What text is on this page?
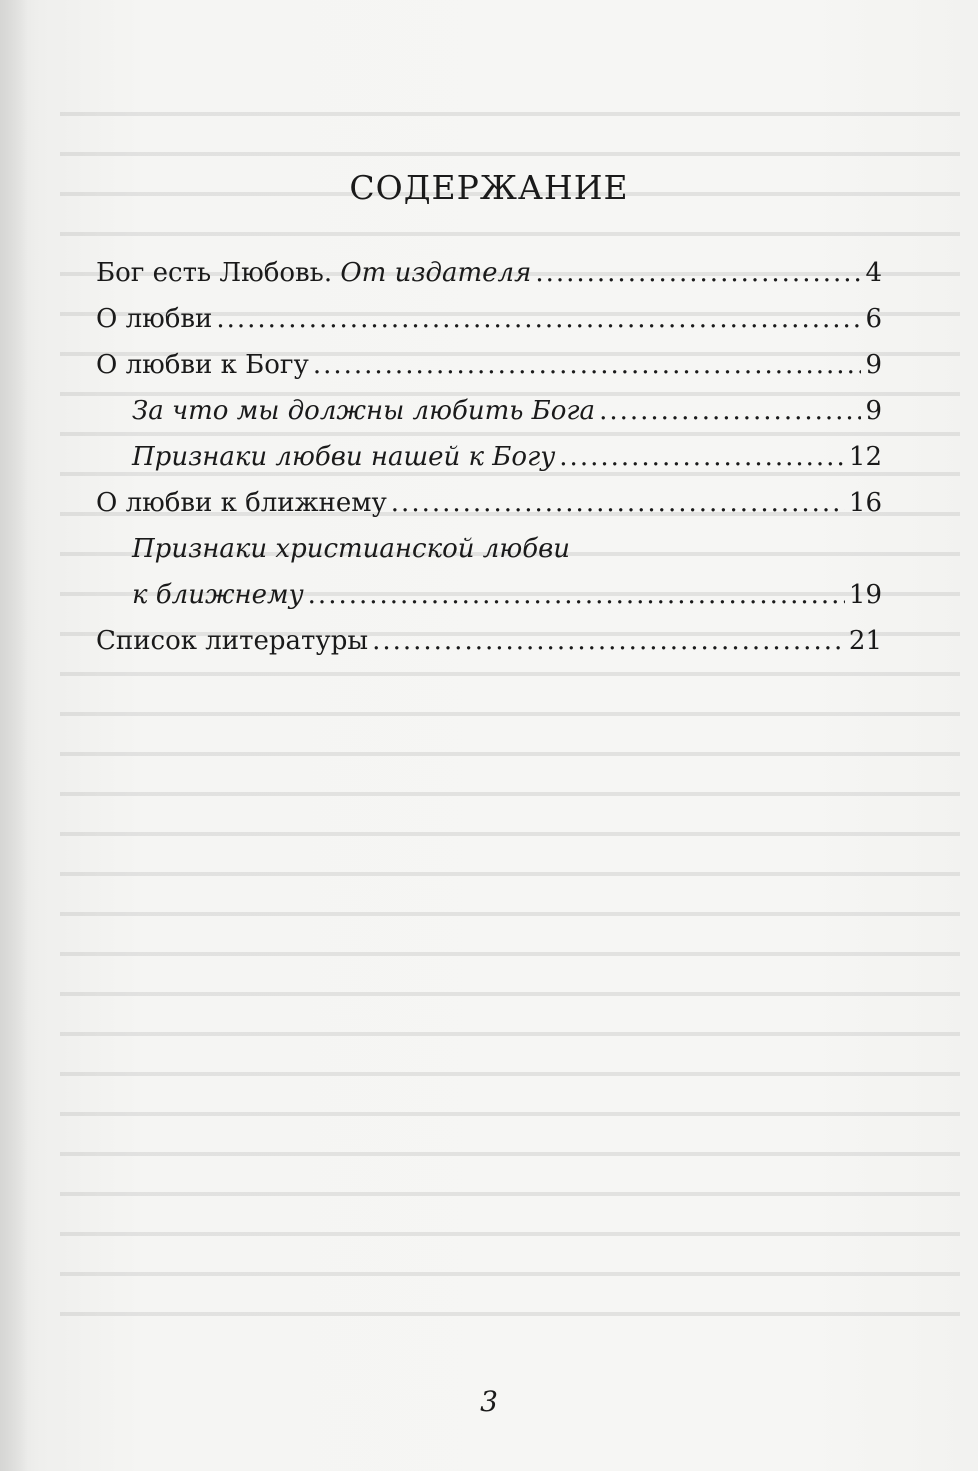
СОДЕРЖАНИЕ
Бог есть Любовь. От издателя .....	4
О любви .....	6
О любви к Богу .....	9
За что мы должны любить Бога .....	9
Признаки любви нашей к Богу .....	12
О любви к ближнему .....	16
Признаки христианской любви
к ближнему .....	19
Список литературы .....	21
3
